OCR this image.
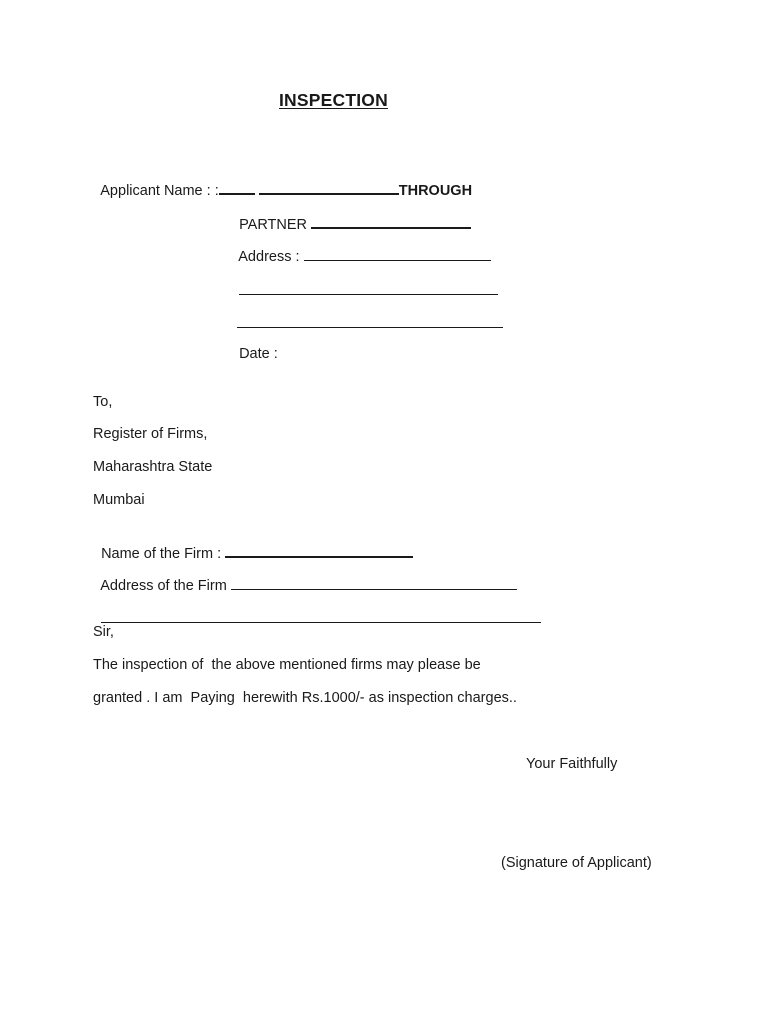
INSPECTION

Applicant Name : :	THROUGH

PARTNER

Address :

Date :

To,
Register of Firms,
Maharashtra State
Mumbai

Name of the Firm :

Address of the Firm

Sir,
The inspection of  the above mentioned firms may please be
granted . I am  Paying  herewith Rs.1000/- as inspection charges..
Your Faithfully
(Signature of Applicant)
